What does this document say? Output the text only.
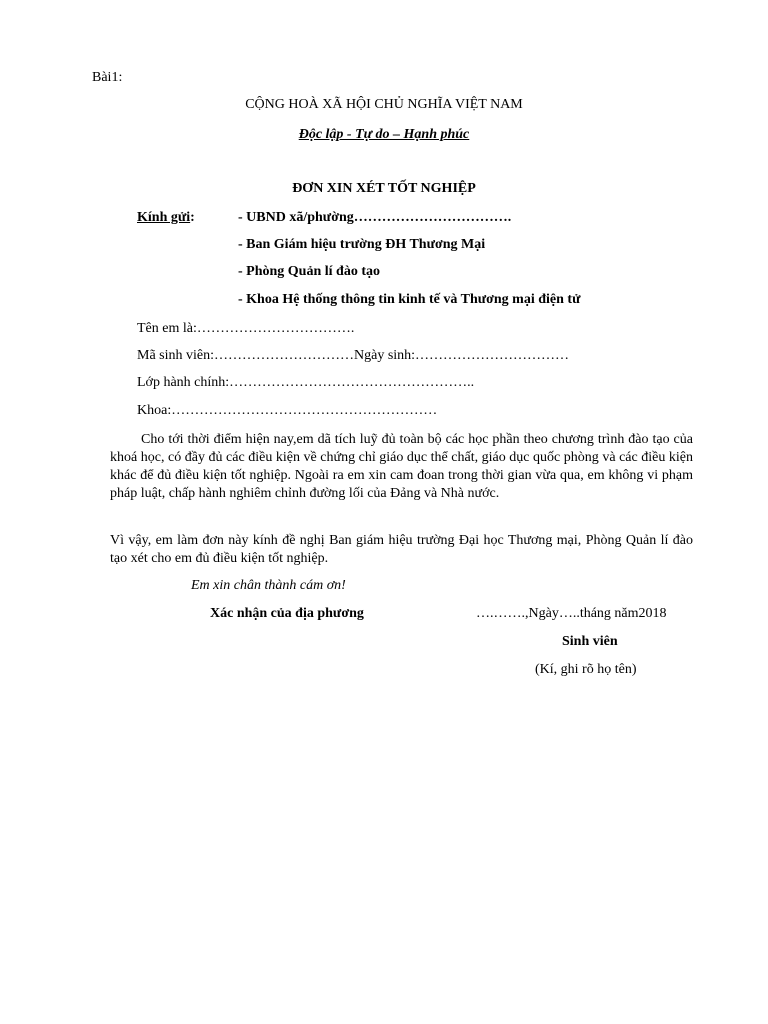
Bài1:
CỘNG HOÀ XÃ HỘI CHỦ NGHĨA VIỆT NAM
Độc lập - Tự do – Hạnh phúc
ĐƠN XIN XÉT TỐT NGHIỆP
Kính gửi:	- UBND xã/phường…………………………….
- Ban Giám hiệu trường ĐH Thương Mại
- Phòng Quản lí đào tạo
- Khoa Hệ thống thông tin kinh tế và Thương mại điện tử
Tên em là:…………………………….
Mã sinh viên:…………………………Ngày sinh:……………………………
Lớp hành chính:……………………………………………..
Khoa:…………………………………………………
Cho tới thời điểm hiện nay,em dã tích luỹ đủ toàn bộ các học phần theo chương trình đào tạo của khoá học, có đầy đủ các điều kiện về chứng chỉ giáo dục thể chất, giáo dục quốc phòng và các điều kiện khác để đủ điều kiện tốt nghiệp. Ngoài ra em xin cam đoan trong thời gian vừa qua, em không vi phạm pháp luật, chấp hành nghiêm chỉnh đường lối của Đảng và Nhà nước.
Vì vậy, em làm đơn này kính đề nghị Ban giám hiệu trường Đại học Thương mại, Phòng Quản lí đào tạo xét cho em đủ điều kiện tốt nghiệp.
Em xin chân thành cám ơn!
Xác nhận của địa phương	….…….,Ngày…..tháng năm2018
Sinh viên
(Kí, ghi rõ họ tên)
